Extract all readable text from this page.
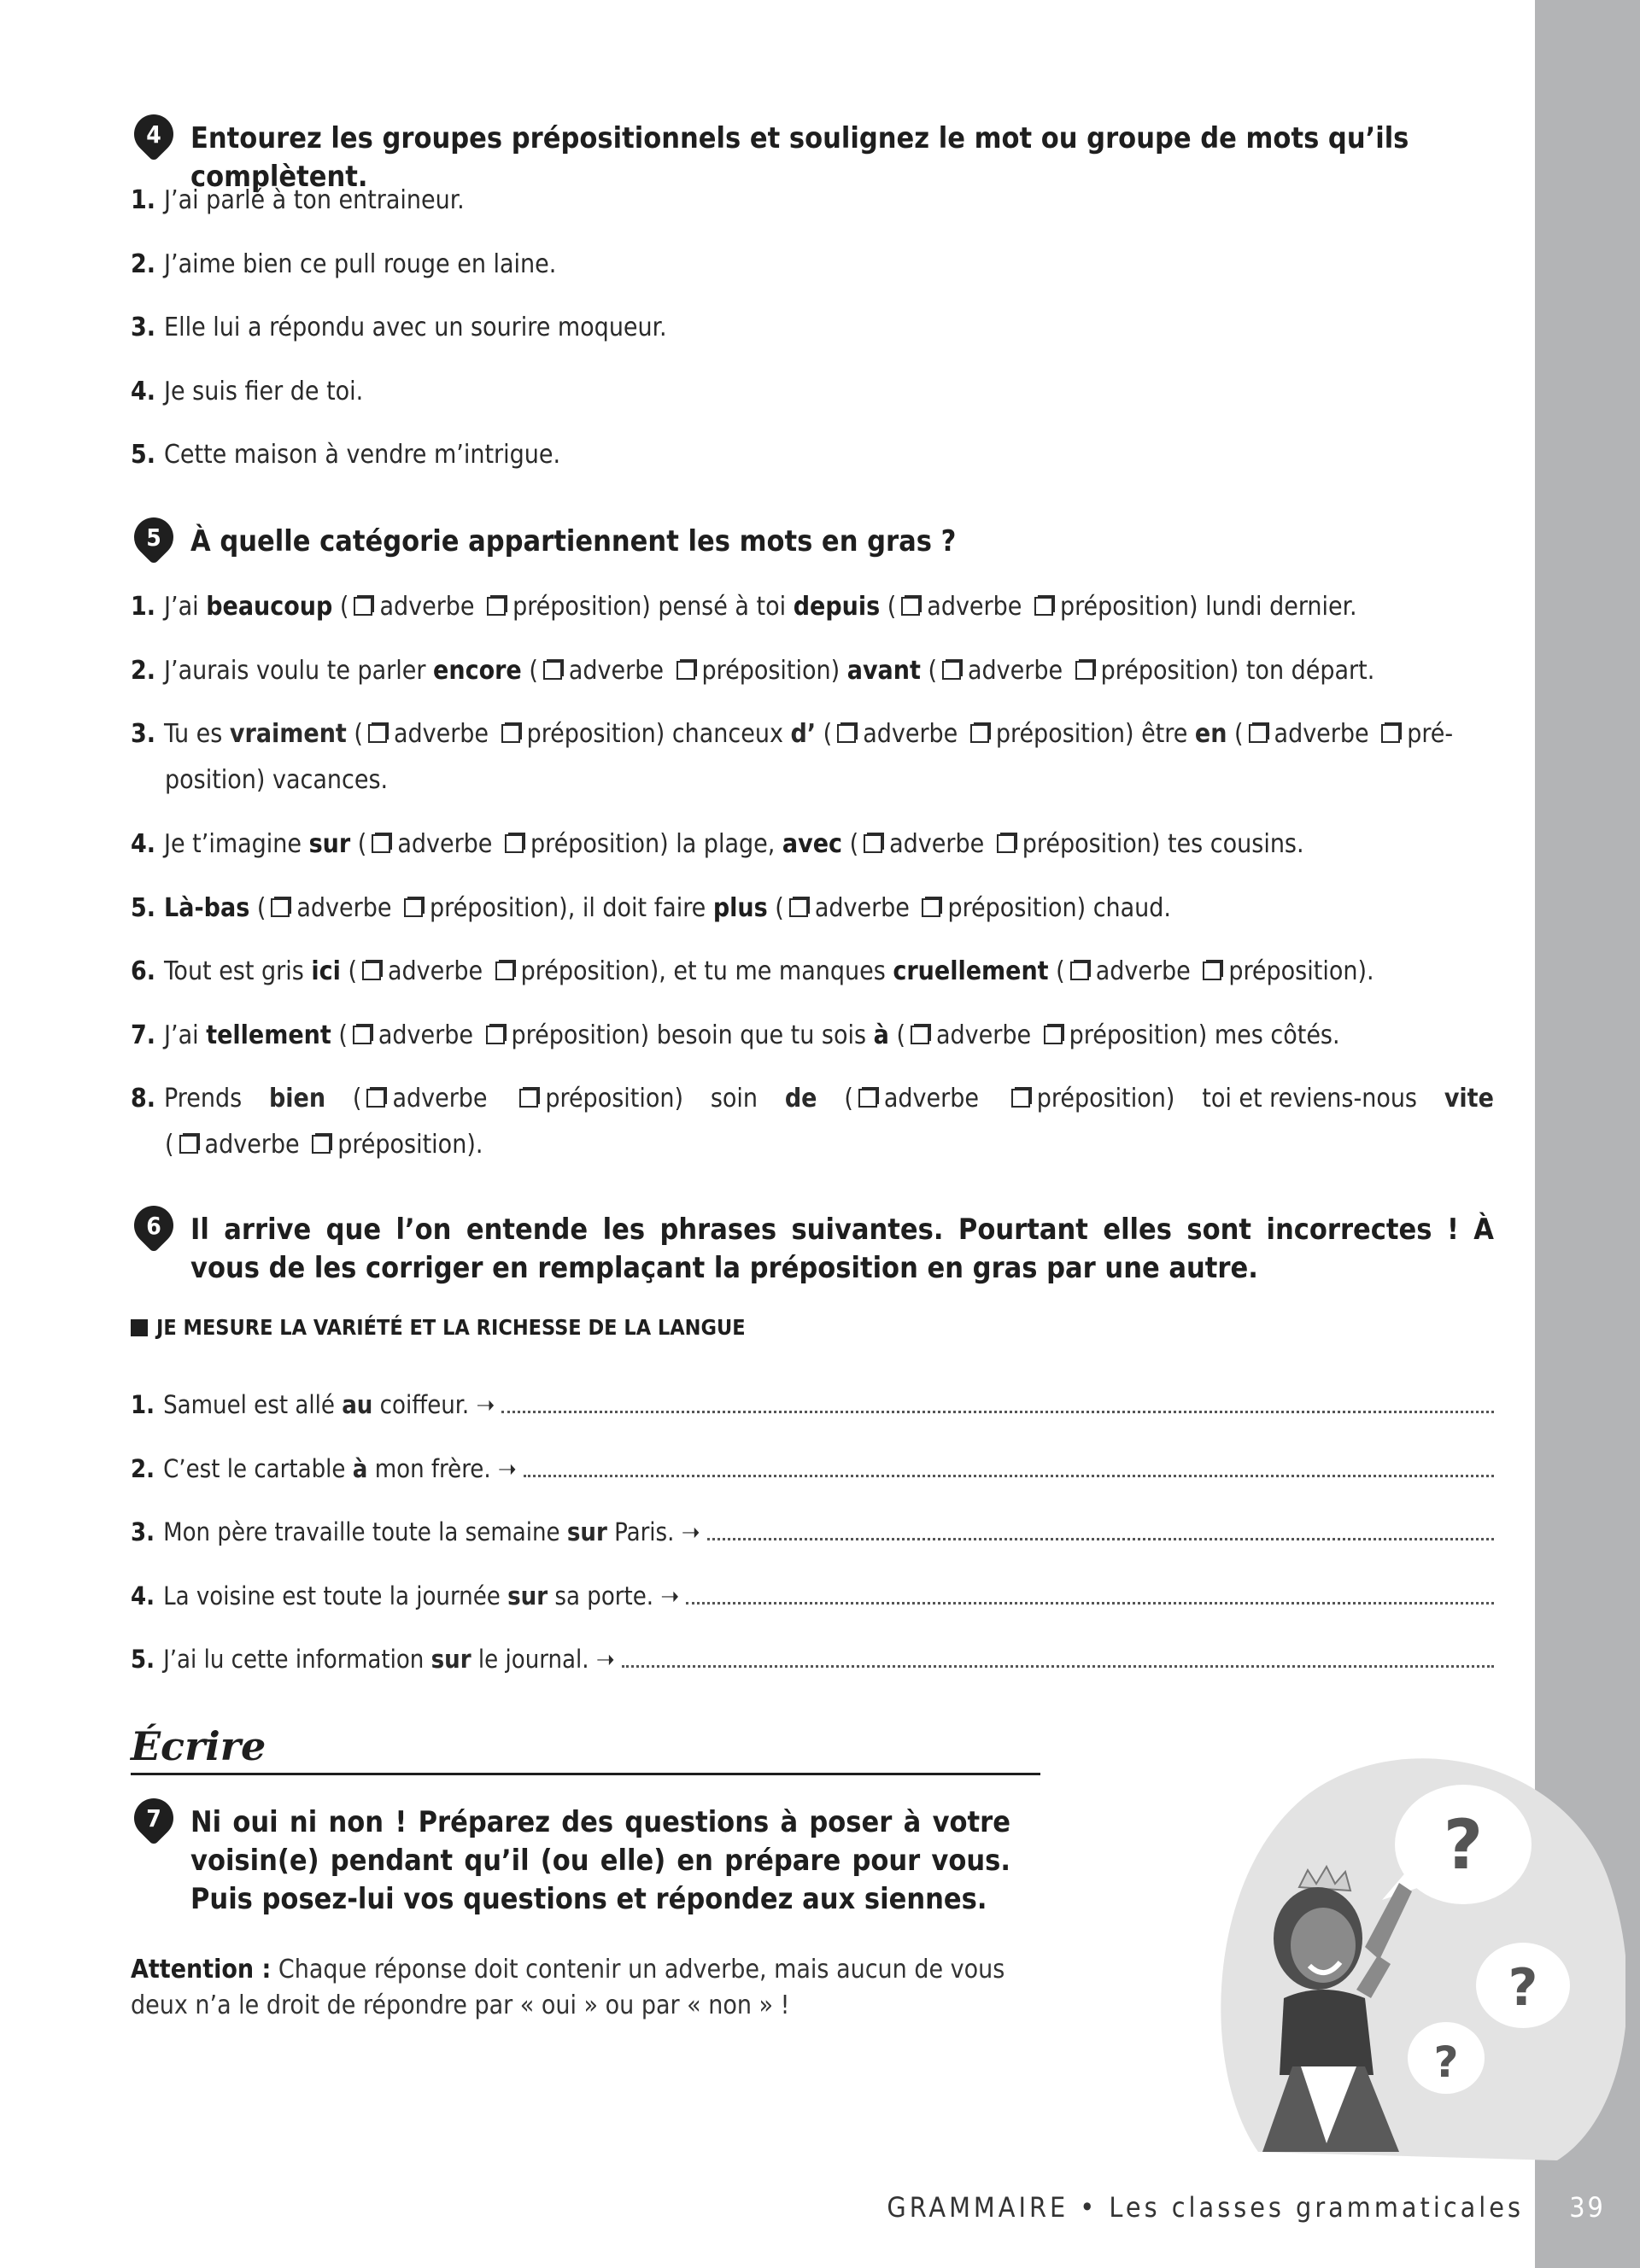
4	Entourez les groupes prépositionnels et soulignez le mot ou groupe de mots qu’ils complètent.
1. J’ai parlé à ton entraineur.
2. J’aime bien ce pull rouge en laine.
3. Elle lui a répondu avec un sourire moqueur.
4. Je suis fier de toi.
5. Cette maison à vendre m’intrigue.
5	À quelle catégorie appartiennent les mots en gras ?
1. J’ai beaucoup ( adverbe préposition) pensé à toi depuis ( adverbe préposition) lundi dernier.
2. J’aurais voulu te parler encore ( adverbe préposition) avant ( adverbe préposition) ton départ.
3. Tu es vraiment ( adverbe préposition) chanceux d’ ( adverbe préposition) être en ( adverbe pré-
position) vacances.
4. Je t’imagine sur ( adverbe préposition) la plage, avec ( adverbe préposition) tes cousins.
5. Là-bas ( adverbe préposition), il doit faire plus ( adverbe préposition) chaud.
6. Tout est gris ici ( adverbe préposition), et tu me manques cruellement ( adverbe préposition).
7. J’ai tellement ( adverbe préposition) besoin que tu sois à ( adverbe préposition) mes côtés.
8. Prends bien ( adverbe	préposition) soin de ( adverbe	préposition) toi et reviens-nous vite
( adverbe préposition).
6	Il arrive que l’on entende les phrases suivantes. Pourtant elles sont incorrectes ! À vous de les corriger en remplaçant la préposition en gras par une autre.
JE MESURE LA VARIÉTÉ ET LA RICHESSE DE LA LANGUE
1. Samuel est allé
au
coiffeur.
➝
2. C’est le cartable
à
mon frère.
➝
3. Mon père travaille toute la semaine
sur
Paris.
➝
4. La voisine est toute la journée
sur
sa porte.
➝
5. J’ai lu cette information
sur
le journal.
➝
Écrire
7	Ni oui ni non ! Préparez des questions à poser à votre voisin(e) pendant qu’il (ou elle) en prépare pour vous. Puis posez-lui vos questions et répondez aux siennes.
Attention : Chaque réponse doit contenir un adverbe, mais aucun de vous deux n’a le droit de répondre par « oui » ou par « non » !
?
?
?
GRAMMAIRE • Les classes grammaticales	39
